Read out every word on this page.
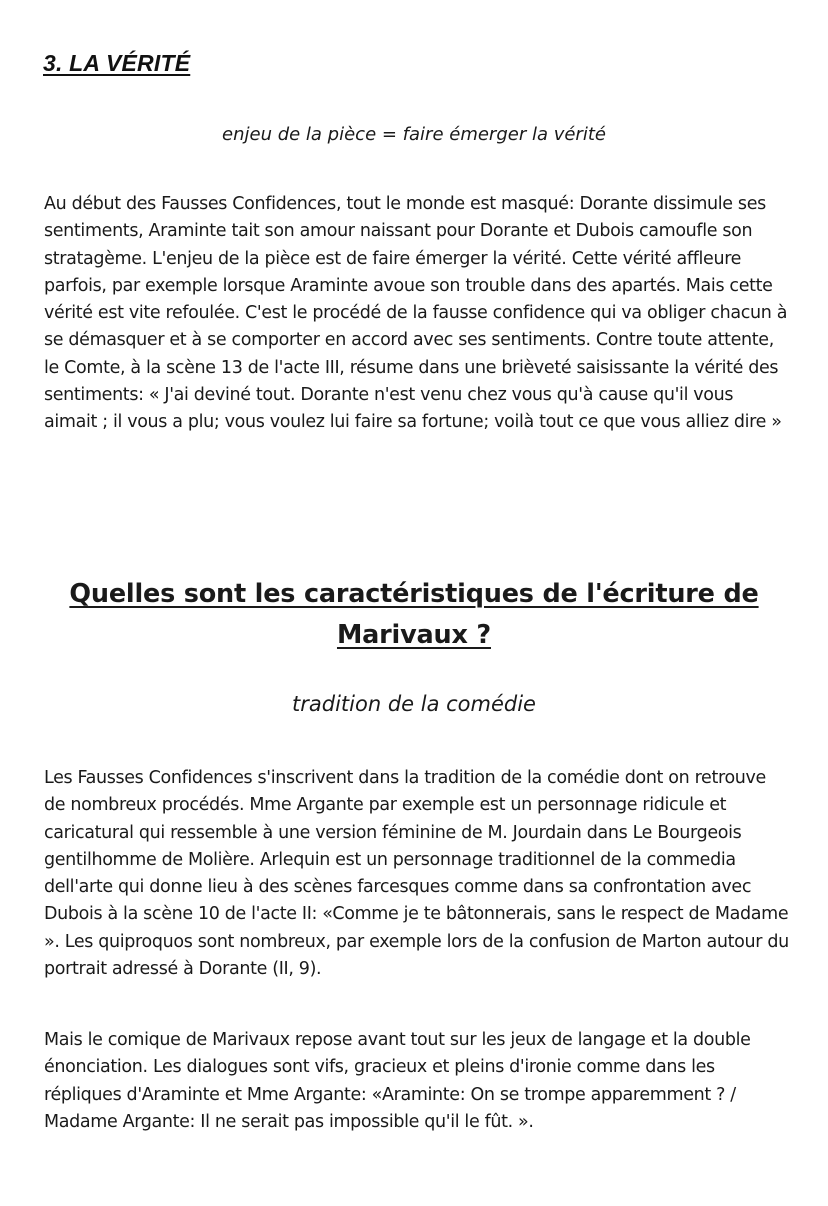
3. LA VÉRITÉ

enjeu de la pièce = faire émerger la vérité

Au début des Fausses Confidences, tout le monde est masqué: Dorante dissimule ses sentiments, Araminte tait son amour naissant pour Dorante et Dubois camoufle son stratagème. L'enjeu de la pièce est de faire émerger la vérité. Cette vérité affleure parfois, par exemple lorsque Araminte avoue son trouble dans des apartés. Mais cette vérité est vite refoulée. C'est le procédé de la fausse confidence qui va obliger chacun à se démasquer et à se comporter en accord avec ses sentiments. Contre toute attente, le Comte, à la scène 13 de l'acte III, résume dans une brièveté saisissante la vérité des sentiments: « J'ai deviné tout. Dorante n'est venu chez vous qu'à cause qu'il vous aimait ; il vous a plu; vous voulez lui faire sa fortune; voilà tout ce que vous alliez dire »

Quelles sont les caractéristiques de l'écriture de Marivaux ?

tradition de la comédie

Les Fausses Confidences s'inscrivent dans la tradition de la comédie dont on retrouve de nombreux procédés. Mme Argante par exemple est un personnage ridicule et caricatural qui ressemble à une version féminine de M. Jourdain dans Le Bourgeois gentilhomme de Molière. Arlequin est un personnage traditionnel de la commedia dell'arte qui donne lieu à des scènes farcesques comme dans sa confrontation avec Dubois à la scène 10 de l'acte II: «Comme je te bâtonnerais, sans le respect de Madame ». Les quiproquos sont nombreux, par exemple lors de la confusion de Marton autour du portrait adressé à Dorante (II, 9).

Mais le comique de Marivaux repose avant tout sur les jeux de langage et la double énonciation. Les dialogues sont vifs, gracieux et pleins d'ironie comme dans les répliques d'Araminte et Mme Argante: «Araminte: On se trompe apparemment ? / Madame Argante: Il ne serait pas impossible qu'il le fût. ».
